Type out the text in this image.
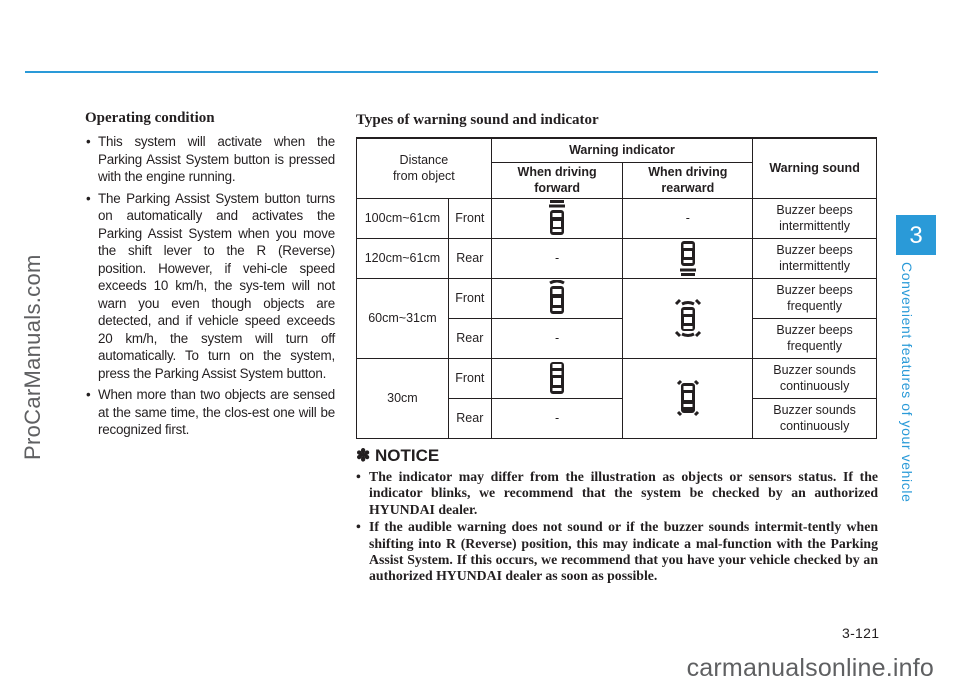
ProCarManuals.com
3
Convenient features of your vehicle
Operating condition
• This system will activate when the Parking Assist System button is pressed with the engine running.
• The Parking Assist System button turns on automatically and activates the Parking Assist System when you move the shift lever to the R (Reverse) position. However, if vehi-cle speed exceeds 10 km/h, the sys-tem will not warn you even though objects are detected, and if vehicle speed exceeds 20 km/h, the system will turn off automatically. To turn on the system, press the Parking Assist System button.
• When more than two objects are sensed at the same time, the clos-est one will be recognized first.
Types of warning sound and indicator
Distance from object		Warning indicator		Warning sound

		When driving forward	When driving rearward	

100cm~61cm	Front		-	Buzzer beeps intermittently

120cm~61cm	Rear	-		Buzzer beeps intermittently

60cm~31cm	Front			Buzzer beeps frequently

	Rear	-		Buzzer beeps frequently

30cm	Front			Buzzer sounds continuously

	Rear	-		Buzzer sounds continuously
✽ NOTICE
• The indicator may differ from the illustration as objects or sensors status. If the indicator blinks, we recommend that the system be checked by an authorized HYUNDAI dealer.
• If the audible warning does not sound or if the buzzer sounds intermit-tently when shifting into R (Reverse) position, this may indicate a mal-function with the Parking Assist System. If this occurs, we recommend that you have your vehicle checked by an authorized HYUNDAI dealer as soon as possible.
3-121
carmanualsonline.info
